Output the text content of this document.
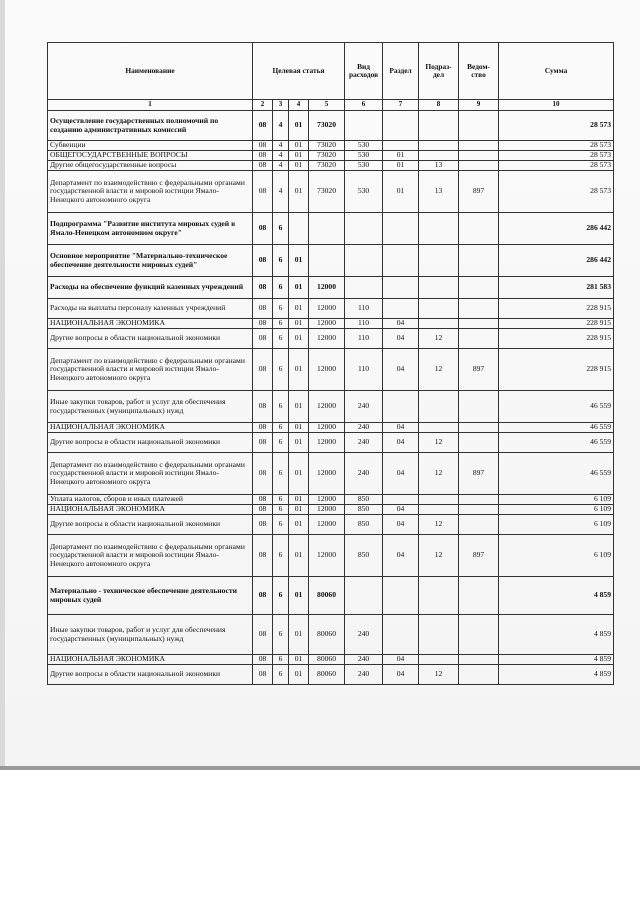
Наименование	Целевая статья				Вид расходов	Раздел	Подраз-дел	Ведом-ство	Сумма
1	2	3	4	5	6	7	8	9	10
Осуществление государственных полномочий по созданию административных комиссий	08	4	01	73020					28 573
Субвенции	08	4	01	73020	530				28 573
ОБЩЕГОСУДАРСТВЕННЫЕ ВОПРОСЫ	08	4	01	73020	530	01			28 573
Другие общегосударственные вопросы	08	4	01	73020	530	01	13		28 573
Департамент по взаимодействию с федеральными органами государственной власти и мировой юстиции Ямало-Ненецкого автономного округа	08	4	01	73020	530	01	13	897	28 573
Подпрограмма "Развитие института мировых судей в Ямало-Ненецком автономном округе"	08	6							286 442
Основное мероприятие "Материально-техническое обеспечение деятельности мировых судей"	08	6	01						286 442
Расходы на обеспечение функций казенных учреждений	08	6	01	12000					281 583
Расходы на выплаты персоналу казенных учреждений	08	6	01	12000	110				228 915
НАЦИОНАЛЬНАЯ ЭКОНОМИКА	08	6	01	12000	110	04			228 915
Другие вопросы в области национальной экономики	08	6	01	12000	110	04	12		228 915
Департамент по взаимодействию с федеральными органами государственной власти и мировой юстиции Ямало-Ненецкого автономного округа	08	6	01	12000	110	04	12	897	228 915
Иные закупки товаров, работ и услуг для обеспечения государственных (муниципальных) нужд	08	6	01	12000	240				46 559
НАЦИОНАЛЬНАЯ ЭКОНОМИКА	08	6	01	12000	240	04			46 559
Другие вопросы в области национальной экономики	08	6	01	12000	240	04	12		46 559
Департамент по взаимодействию с федеральными органами государственной власти и мировой юстиции Ямало-Ненецкого автономного округа	08	6	01	12000	240	04	12	897	46 559
Уплата налогов, сборов и иных платежей	08	6	01	12000	850				6 109
НАЦИОНАЛЬНАЯ ЭКОНОМИКА	08	6	01	12000	850	04			6 109
Другие вопросы в области национальной экономики	08	6	01	12000	850	04	12		6 109
Департамент по взаимодействию с федеральными органами государственной власти и мировой юстиции Ямало-Ненецкого автономного округа	08	6	01	12000	850	04	12	897	6 109
Материально - техническое обеспечение деятельности мировых судей	08	6	01	80060					4 859
Иные закупки товаров, работ и услуг для обеспечения государственных (муниципальных) нужд	08	6	01	80060	240				4 859
НАЦИОНАЛЬНАЯ ЭКОНОМИКА	08	6	01	80060	240	04			4 859
Другие вопросы в области национальной экономики	08	6	01	80060	240	04	12		4 859
